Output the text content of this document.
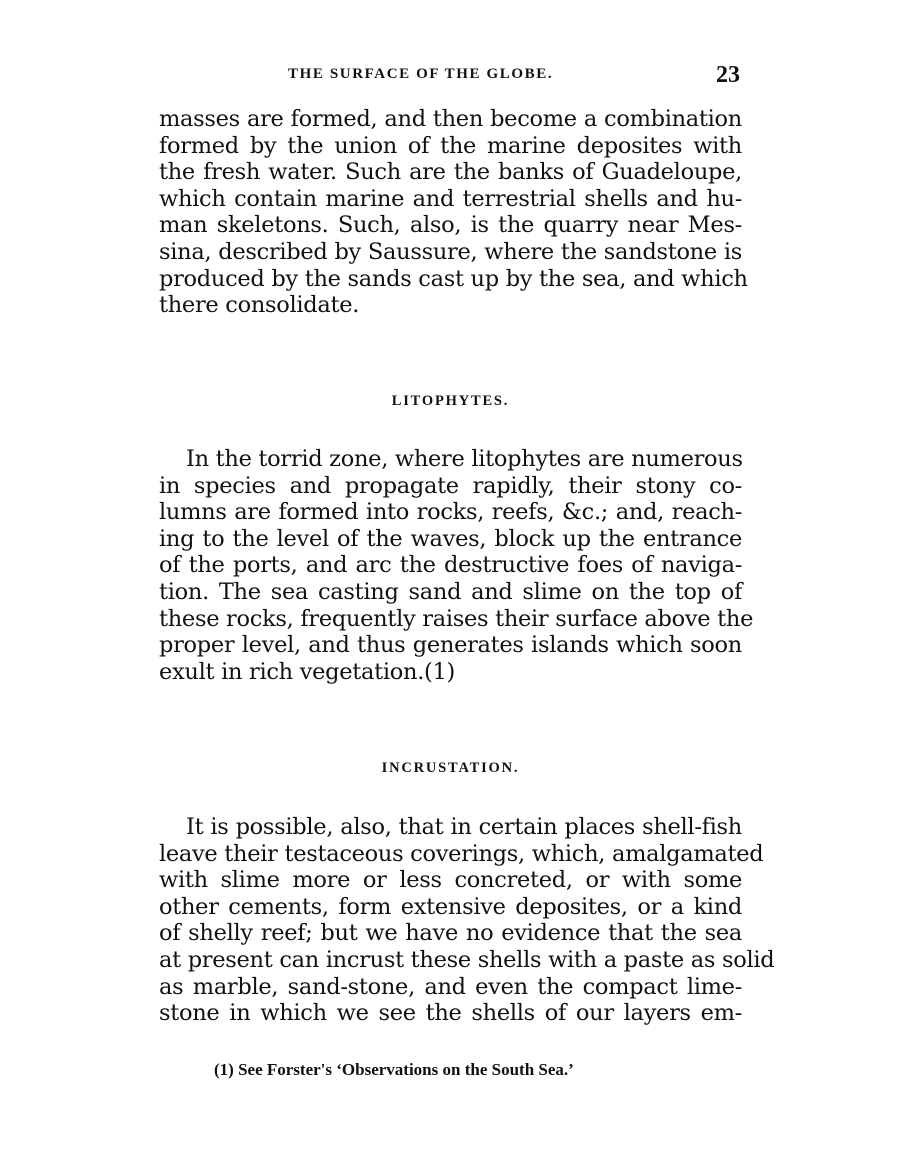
THE SURFACE OF THE GLOBE.	23
masses are formed, and then become a combination
formed by the union of the marine deposites with
the fresh water. Such are the banks of Guadeloupe,
which contain marine and terrestrial shells and hu-
man skeletons. Such, also, is the quarry near Mes-
sina, described by Saussure, where the sandstone is
produced by the sands cast up by the sea, and which
there consolidate.
LITOPHYTES.
In the torrid zone, where litophytes are numerous
in species and propagate rapidly, their stony co-
lumns are formed into rocks, reefs, &c.; and, reach-
ing to the level of the waves, block up the entrance
of the ports, and arc the destructive foes of naviga-
tion. The sea casting sand and slime on the top of
these rocks, frequently raises their surface above the
proper level, and thus generates islands which soon
exult in rich vegetation.(1)
INCRUSTATION.
It is possible, also, that in certain places shell-fish
leave their testaceous coverings, which, amalgamated
with slime more or less concreted, or with some
other cements, form extensive deposites, or a kind
of shelly reef; but we have no evidence that the sea
at present can incrust these shells with a paste as solid
as marble, sand-stone, and even the compact lime-
stone in which we see the shells of our layers em-
(1) See Forster's ‘Observations on the South Sea.’
